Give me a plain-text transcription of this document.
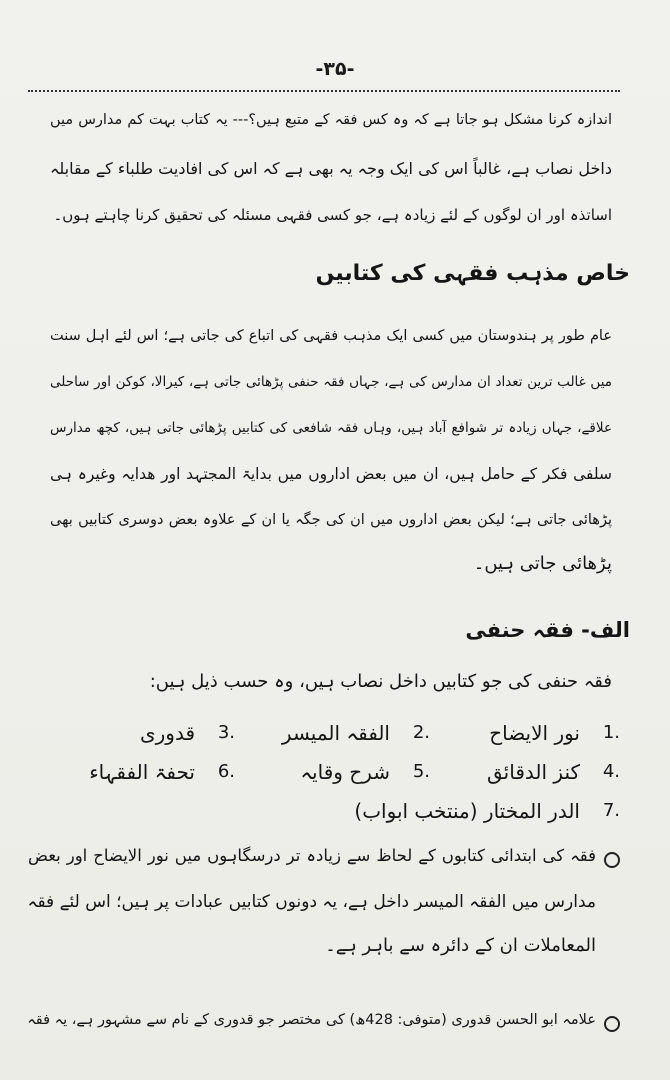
-۳۵-
اندازہ کرنا مشکل ہو جاتا ہے کہ وہ کس فقہ کے متبع ہیں؟--- یہ کتاب بہت کم مدارس میں
داخل نصاب ہے، غالباً اس کی ایک وجہ یہ بھی ہے کہ اس کی افادیت طلباء کے مقابلہ
اساتذہ اور ان لوگوں کے لئے زیادہ ہے، جو کسی فقہی مسئلہ کی تحقیق کرنا چاہتے ہوں۔
خاص مذہب فقہی کی کتابیں
عام طور پر ہندوستان میں کسی ایک مذہب فقہی کی اتباع کی جاتی ہے؛ اس لئے اہل سنت
میں غالب ترین تعداد ان مدارس کی ہے، جہاں فقہ حنفی پڑھائی جاتی ہے، کیرالا، کوکن اور ساحلی
علاقے، جہاں زیادہ تر شوافع آباد ہیں، وہاں فقہ شافعی کی کتابیں پڑھائی جاتی ہیں، کچھ مدارس
سلفی فکر کے حامل ہیں، ان میں بعض اداروں میں بدایۃ المجتہد اور ھدایہ وغیرہ ہی
پڑھائی جاتی ہے؛ لیکن بعض اداروں میں ان کی جگہ یا ان کے علاوہ بعض دوسری کتابیں بھی
پڑھائی جاتی ہیں۔
الف- فقہ حنفی
فقہ حنفی کی جو کتابیں داخل نصاب ہیں، وہ حسب ذیل ہیں:
1.
نور الایضاح
2.
الفقہ المیسر
3.
قدوری
4.
کنز الدقائق
5.
شرح وقایہ
6.
تحفۃ الفقہاء
7.
الدر المختار (منتخب ابواب)
فقہ کی ابتدائی کتابوں کے لحاظ سے زیادہ تر درسگاہوں میں نور الایضاح اور بعض
مدارس میں الفقہ المیسر داخل ہے، یہ دونوں کتابیں عبادات پر ہیں؛ اس لئے فقہ
المعاملات ان کے دائرہ سے باہر ہے۔
علامہ ابو الحسن قدوری (متوفی: 428ھ) کی مختصر جو قدوری کے نام سے مشہور ہے، یہ فقہ
